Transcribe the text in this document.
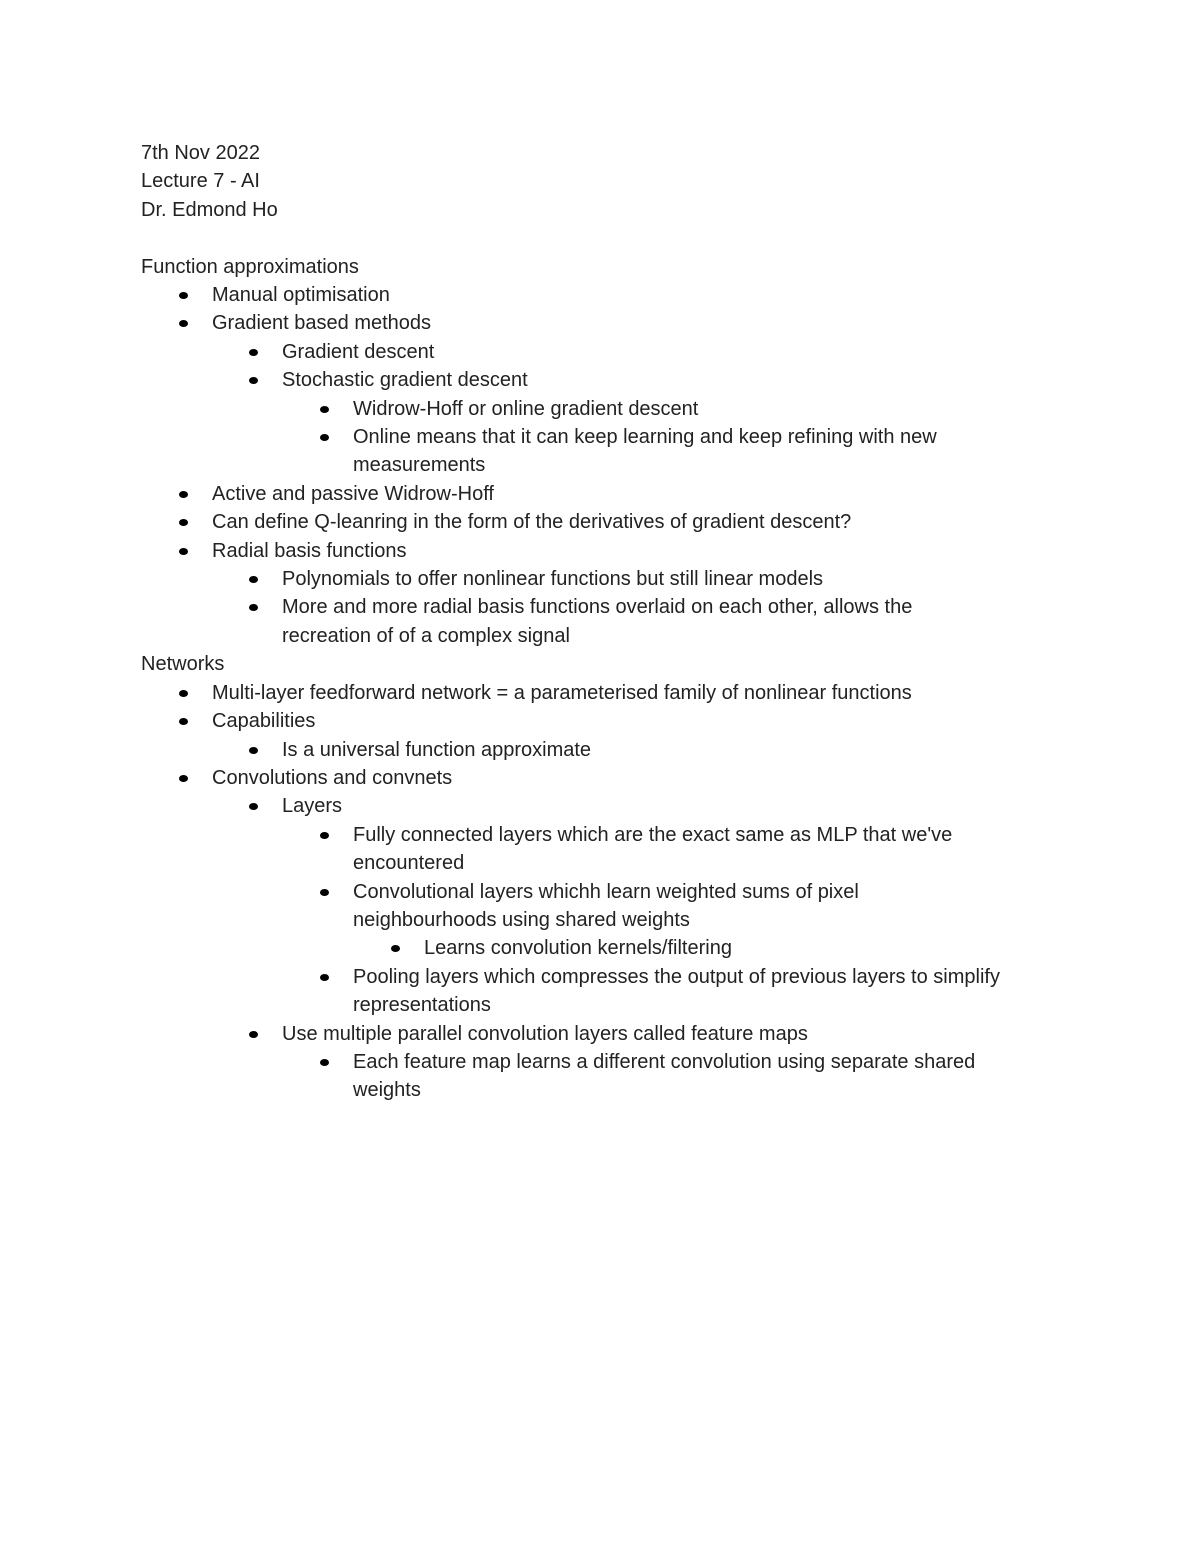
7th Nov 2022
Lecture 7 - AI
Dr. Edmond Ho
Function approximations
Manual optimisation
Gradient based methods
Gradient descent
Stochastic gradient descent
Widrow-Hoff or online gradient descent
Online means that it can keep learning and keep refining with new measurements
Active and passive Widrow-Hoff
Can define Q-leanring in the form of the derivatives of gradient descent?
Radial basis functions
Polynomials to offer nonlinear functions but still linear models
More and more radial basis functions overlaid on each other, allows the recreation of of a complex signal
Networks
Multi-layer feedforward network = a parameterised family of nonlinear functions
Capabilities
Is a universal function approximate
Convolutions and convnets
Layers
Fully connected layers which are the exact same as MLP that we've encountered
Convolutional layers whichh learn weighted sums of pixel neighbourhoods using shared weights
Learns convolution kernels/filtering
Pooling layers which compresses the output of previous layers to simplify representations
Use multiple parallel convolution layers called feature maps
Each feature map learns a different convolution using separate shared weights
